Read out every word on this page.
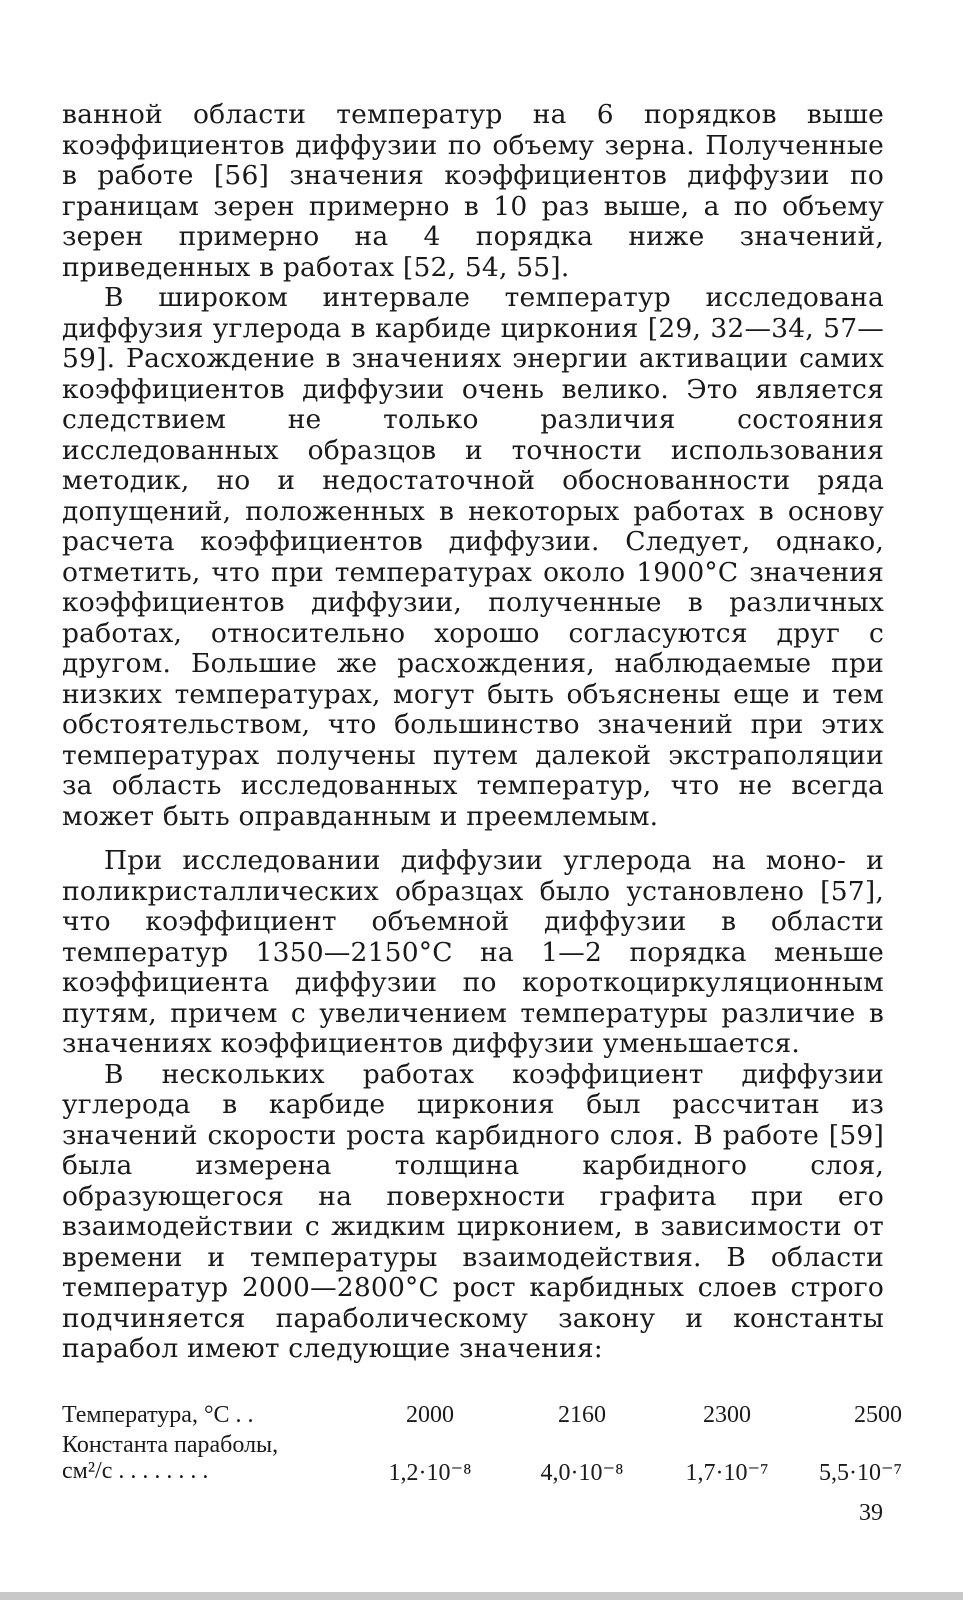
ванной области температур на 6 порядков выше коэффициентов диффузии по объему зерна. Полученные в работе [56] значения коэффициентов диффузии по границам зерен примерно в 10 раз выше, а по объему зерен примерно на 4 порядка ниже значений, приведенных в работах [52, 54, 55].

В широком интервале температур исследована диффузия углерода в карбиде циркония [29, 32—34, 57—59]. Расхождение в значениях энергии активации самих коэффициентов диффузии очень велико. Это является следствием не только различия состояния исследованных образцов и точности использования методик, но и недостаточной обоснованности ряда допущений, положенных в некоторых работах в основу расчета коэффициентов диффузии. Следует, однако, отметить, что при температурах около 1900°С значения коэффициентов диффузии, полученные в различных работах, относительно хорошо согласуются друг с другом. Большие же расхождения, наблюдаемые при низких температурах, могут быть объяснены еще и тем обстоятельством, что большинство значений при этих температурах получены путем далекой экстраполяции за область исследованных температур, что не всегда может быть оправданным и преемлемым.

При исследовании диффузии углерода на моно- и поликристаллических образцах было установлено [57], что коэффициент объемной диффузии в области температур 1350—2150°С на 1—2 порядка меньше коэффициента диффузии по короткоциркуляционным путям, причем с увеличением температуры различие в значениях коэффициентов диффузии уменьшается.

В нескольких работах коэффициент диффузии углерода в карбиде циркония был рассчитан из значений скорости роста карбидного слоя. В работе [59] была измерена толщина карбидного слоя, образующегося на поверхности графита при его взаимодействии с жидким цирконием, в зависимости от времени и температуры взаимодействия. В области температур 2000—2800°С рост карбидных слоев строго подчиняется параболическому закону и константы парабол имеют следующие значения:

Температура, °С . .	2000	2160	2300	2500
Константа параболы,
см²/с . . . . . . . .	1,2·10⁻⁸	4,0·10⁻⁸	1,7·10⁻⁷	5,5·10⁻⁷
39
